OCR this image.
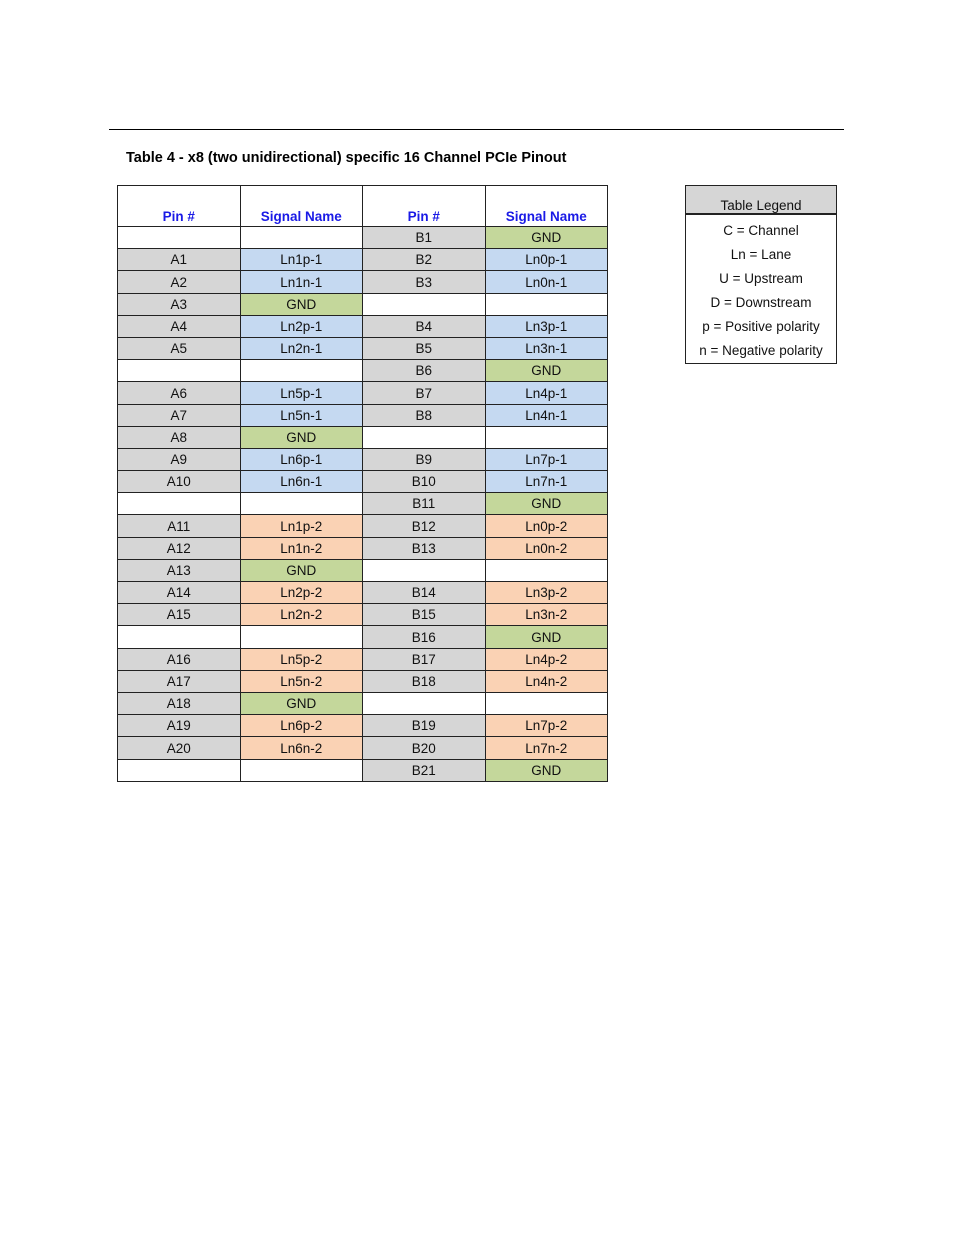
Table 4 - x8 (two unidirectional) specific 16 Channel PCIe Pinout
Pin #	Signal Name	Pin #	Signal Name
		B1	GND
A1	Ln1p-1	B2	Ln0p-1
A2	Ln1n-1	B3	Ln0n-1
A3	GND		
A4	Ln2p-1	B4	Ln3p-1
A5	Ln2n-1	B5	Ln3n-1
		B6	GND
A6	Ln5p-1	B7	Ln4p-1
A7	Ln5n-1	B8	Ln4n-1
A8	GND		
A9	Ln6p-1	B9	Ln7p-1
A10	Ln6n-1	B10	Ln7n-1
		B11	GND
A11	Ln1p-2	B12	Ln0p-2
A12	Ln1n-2	B13	Ln0n-2
A13	GND		
A14	Ln2p-2	B14	Ln3p-2
A15	Ln2n-2	B15	Ln3n-2
		B16	GND
A16	Ln5p-2	B17	Ln4p-2
A17	Ln5n-2	B18	Ln4n-2
A18	GND		
A19	Ln6p-2	B19	Ln7p-2
A20	Ln6n-2	B20	Ln7n-2
		B21	GND
Table Legend
C = Channel
Ln = Lane
U = Upstream
D = Downstream
p = Positive polarity
n = Negative polarity
